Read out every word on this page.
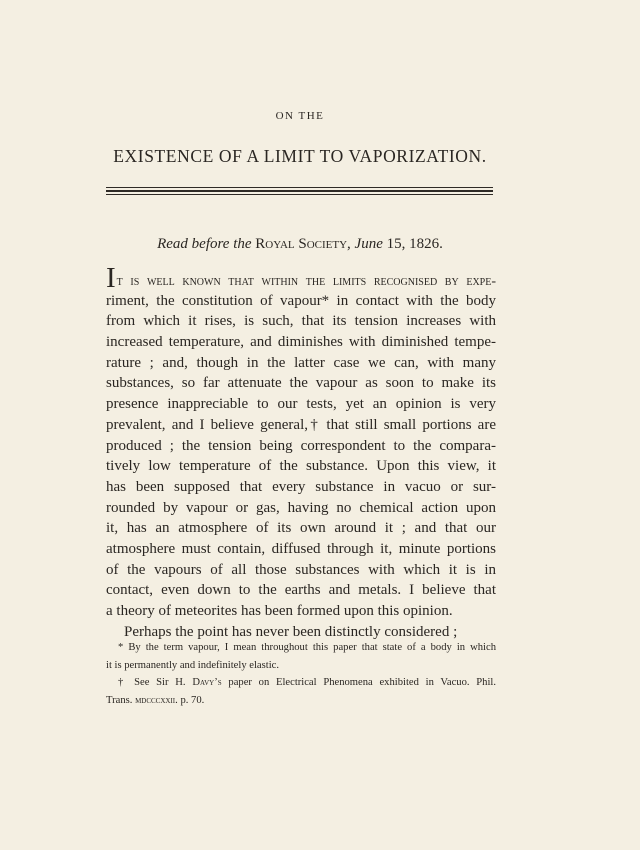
ON THE
EXISTENCE OF A LIMIT TO VAPORIZATION.
Read before the Royal Society, June 15, 1826.
It is well known that within the limits recognised by expe-
riment, the constitution of vapour* in contact with the body
from which it rises, is such, that its tension increases with
increased temperature, and diminishes with diminished tempe-
rature ; and, though in the latter case we can, with many
substances, so far attenuate the vapour as soon to make its
presence inappreciable to our tests, yet an opinion is very
prevalent, and I believe general,† that still small portions are
produced ; the tension being correspondent to the compara-
tively low temperature of the substance. Upon this view, it
has been supposed that every substance in vacuo or sur-
rounded by vapour or gas, having no chemical action upon
it, has an atmosphere of its own around it ; and that our
atmosphere must contain, diffused through it, minute portions
of the vapours of all those substances with which it is in
contact, even down to the earths and metals. I believe that
a theory of meteorites has been formed upon this opinion.
Perhaps the point has never been distinctly considered ;
* By the term vapour, I mean throughout this paper that state of a body in which
it is permanently and indefinitely elastic.
† See Sir H. Davy’s paper on Electrical Phenomena exhibited in Vacuo. Phil.
Trans. mdcccxxii. p. 70.
